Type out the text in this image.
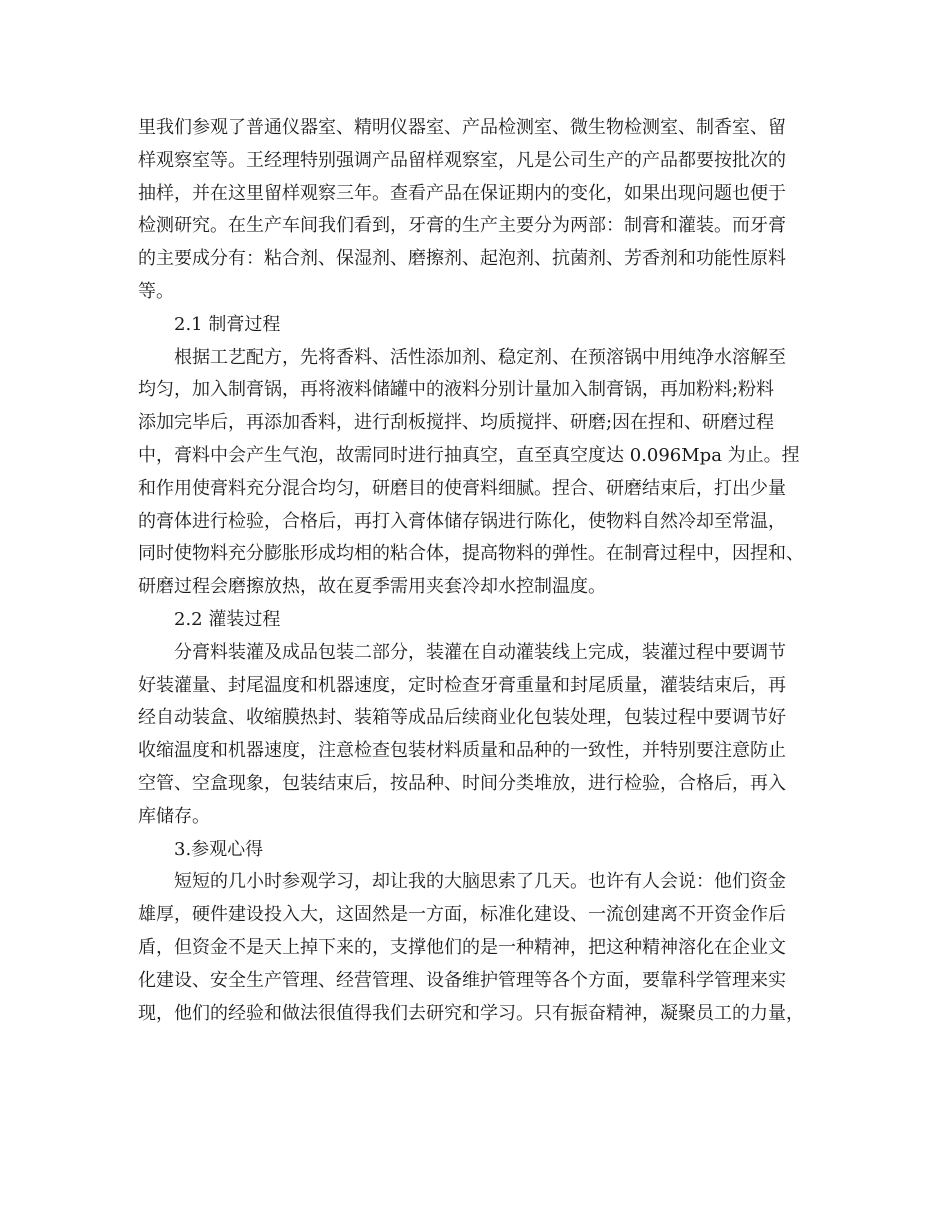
里我们参观了普通仪器室、精明仪器室、产品检测室、微生物检测室、制香室、留
样观察室等。王经理特别强调产品留样观察室，凡是公司生产的产品都要按批次的
抽样，并在这里留样观察三年。查看产品在保证期内的变化，如果出现问题也便于
检测研究。在生产车间我们看到，牙膏的生产主要分为两部：制膏和灌装。而牙膏
的主要成分有：粘合剂、保湿剂、磨擦剂、起泡剂、抗菌剂、芳香剂和功能性原料
等。
2.1 制膏过程
根据工艺配方，先将香料、活性添加剂、稳定剂、在预溶锅中用纯净水溶解至
均匀，加入制膏锅，再将液料储罐中的液料分别计量加入制膏锅，再加粉料;粉料
添加完毕后，再添加香料，进行刮板搅拌、均质搅拌、研磨;因在捏和、研磨过程
中，膏料中会产生气泡，故需同时进行抽真空，直至真空度达 0.096Mpa 为止。捏
和作用使膏料充分混合均匀，研磨目的使膏料细腻。捏合、研磨结束后，打出少量
的膏体进行检验，合格后，再打入膏体储存锅进行陈化，使物料自然冷却至常温，
同时使物料充分膨胀形成均相的粘合体，提高物料的弹性。在制膏过程中，因捏和、
研磨过程会磨擦放热，故在夏季需用夹套冷却水控制温度。
2.2 灌装过程
分膏料装灌及成品包装二部分，装灌在自动灌装线上完成，装灌过程中要调节
好装灌量、封尾温度和机器速度，定时检查牙膏重量和封尾质量，灌装结束后，再
经自动装盒、收缩膜热封、装箱等成品后续商业化包装处理，包装过程中要调节好
收缩温度和机器速度，注意检查包装材料质量和品种的一致性，并特别要注意防止
空管、空盒现象，包装结束后，按品种、时间分类堆放，进行检验，合格后，再入
库储存。
3.参观心得
短短的几小时参观学习，却让我的大脑思索了几天。也许有人会说：他们资金
雄厚，硬件建设投入大，这固然是一方面，标准化建设、一流创建离不开资金作后
盾，但资金不是天上掉下来的，支撑他们的是一种精神，把这种精神溶化在企业文
化建设、安全生产管理、经营管理、设备维护管理等各个方面，要靠科学管理来实
现，他们的经验和做法很值得我们去研究和学习。只有振奋精神，凝聚员工的力量，
